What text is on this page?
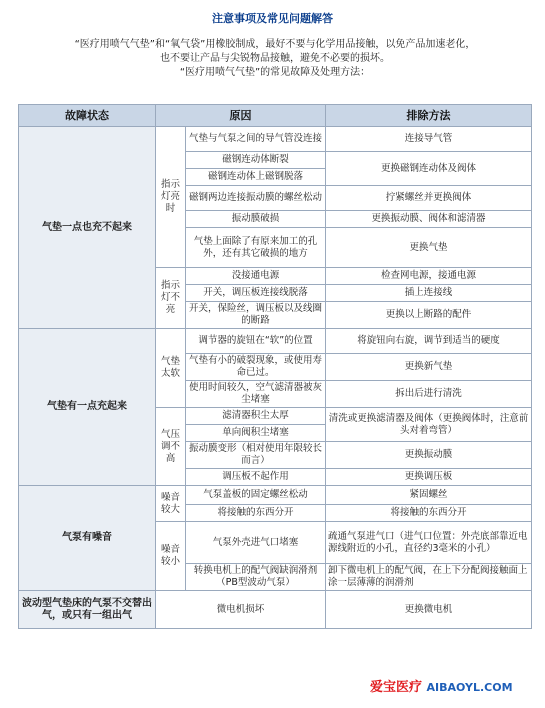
注意事项及常见问题解答

“医疗用喷气气垫”和“氧气袋”用橡胶制成，最好不要与化学用品接触，以免产品加速老化，

也不要让产品与尖锐物品接触，避免不必要的损坏。

“医疗用喷气气垫”的常见故障及处理方法：

故障状态	原因		排除方法
气垫一点也充不起来	指示灯亮时	气垫与气泵之间的导气管没连接	连接导气管
		磁钢连动体断裂	更换磁钢连动体及阀体
		磁钢连动体上磁钢脱落	
		磁钢两边连接振动膜的螺丝松动	拧紧螺丝并更换阀体
		振动膜破损	更换振动膜、阀体和滤清器
		气垫上面除了有原来加工的孔外，还有其它破损的地方	更换气垫
	指示灯不亮	没接通电源	检查网电源，接通电源
		开关，调压板连接线脱落	插上连接线
		开关，保险丝，调压板以及线圈的断路	更换以上断路的配件
气垫有一点充起来	气垫太软	调节器的旋钮在“软”的位置	将旋钮向右旋，调节到适当的硬度
		气垫有小的破裂现象，或使用寿命已过。	更换新气垫
		使用时间较久，空气滤清器被灰尘堵塞	拆出后进行清洗
	气压调不高	滤清器积尘太厚	清洗或更换滤清器及阀体（更换阀体时，注意前头对着弯管）
		单向阀积尘堵塞	
		振动膜变形（相对使用年限较长而言）	更换振动膜
		调压板不起作用	更换调压板
气泵有噪音	噪音较大	气泵盖板的固定螺丝松动	紧固螺丝
		将接触的东西分开	将接触的东西分开
	噪音较小	气泵外壳进气口堵塞	疏通气泵进气口（进气口位置：外壳底部靠近电源线附近的小孔，直径约3毫米的小孔）
		转换电机上的配气阀缺润滑剂（PB型波动气泵）	卸下微电机上的配气阀，在上下分配阀接触面上涂一层薄薄的润滑剂
波动型气垫床的气泵不交替出气，或只有一组出气	微电机损坏		更换微电机
爱宝医疗 AIBAOYL.COM
